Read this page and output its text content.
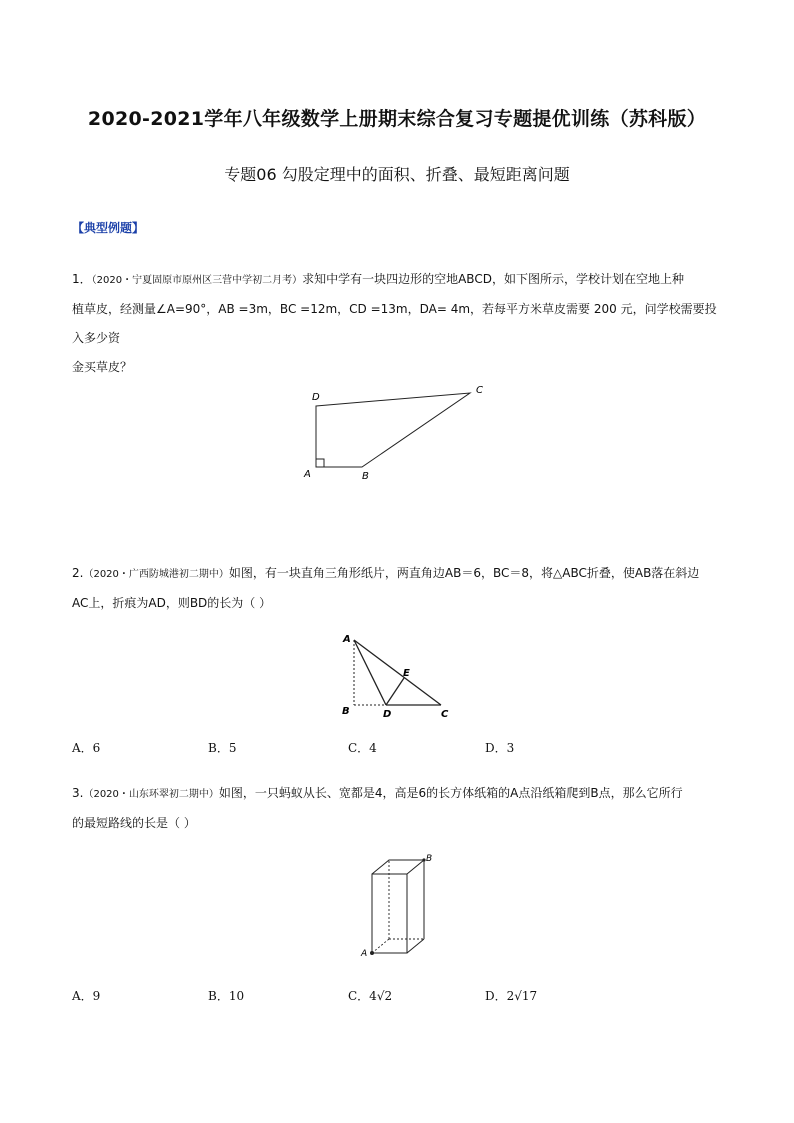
2020-2021学年八年级数学上册期末综合复习专题提优训练（苏科版）
专题06 勾股定理中的面积、折叠、最短距离问题
【典型例题】
1．（2020・宁夏固原市原州区三营中学初二月考）求知中学有一块四边形的空地ABCD，如下图所示，学校计划在空地上种
植草皮，经测量∠A=90°，AB =3m，BC =12m，CD =13m，DA= 4m，若每平方米草皮需要 200 元，问学校需要投入多少资
金买草皮？
D
C
A	B
2.（2020・广西防城港初二期中）如图，有一块直角三角形纸片，两直角边AB＝6，BC＝8，将△ABC折叠，使AB落在斜边
AC上，折痕为AD，则BD的长为（ ）
A
E
B	D	C
A．6	B．5	C．4	D．3
3.（2020・山东环翠初二期中）如图，一只蚂蚁从长、宽都是4，高是6的长方体纸箱的A点沿纸箱爬到B点，那么它所行
的最短路线的长是（ ）
B
A
A．9	B．10	C．4√2	D．2√17
